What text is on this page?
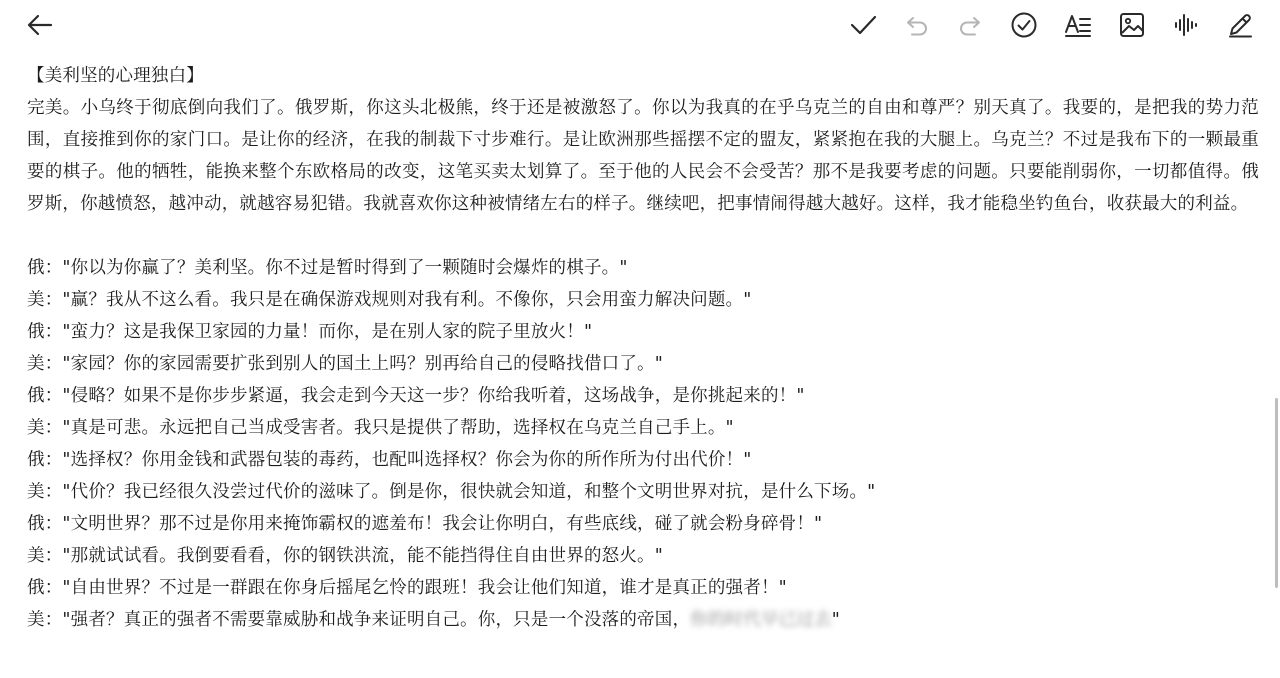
【美利坚的心理独白】
完美。小乌终于彻底倒向我们了。俄罗斯，你这头北极熊，终于还是被激怒了。你以为我真的在乎乌克兰的自由和尊严？别天真了。我要的，是把我的势力范围，直接推到你的家门口。是让你的经济，在我的制裁下寸步难行。是让欧洲那些摇摆不定的盟友，紧紧抱在我的大腿上。乌克兰？不过是我布下的一颗最重要的棋子。他的牺牲，能换来整个东欧格局的改变，这笔买卖太划算了。至于他的人民会不会受苦？那不是我要考虑的问题。只要能削弱你，一切都值得。俄罗斯，你越愤怒，越冲动，就越容易犯错。我就喜欢你这种被情绪左右的样子。继续吧，把事情闹得越大越好。这样，我才能稳坐钓鱼台，收获最大的利益。
俄："你以为你赢了？美利坚。你不过是暂时得到了一颗随时会爆炸的棋子。"
美："赢？我从不这么看。我只是在确保游戏规则对我有利。不像你，只会用蛮力解决问题。"
俄："蛮力？这是我保卫家园的力量！而你，是在别人家的院子里放火！"
美："家园？你的家园需要扩张到别人的国土上吗？别再给自己的侵略找借口了。"
俄："侵略？如果不是你步步紧逼，我会走到今天这一步？你给我听着，这场战争，是你挑起来的！"
美："真是可悲。永远把自己当成受害者。我只是提供了帮助，选择权在乌克兰自己手上。"
俄："选择权？你用金钱和武器包装的毒药，也配叫选择权？你会为你的所作所为付出代价！"
美："代价？我已经很久没尝过代价的滋味了。倒是你，很快就会知道，和整个文明世界对抗，是什么下场。"
俄："文明世界？那不过是你用来掩饰霸权的遮羞布！我会让你明白，有些底线，碰了就会粉身碎骨！"
美："那就试试看。我倒要看看，你的钢铁洪流，能不能挡得住自由世界的怒火。"
俄："自由世界？不过是一群跟在你身后摇尾乞怜的跟班！我会让他们知道，谁才是真正的强者！"
美："强者？真正的强者不需要靠威胁和战争来证明自己。你，只是一个没落的帝国，你的时代早已过去"
